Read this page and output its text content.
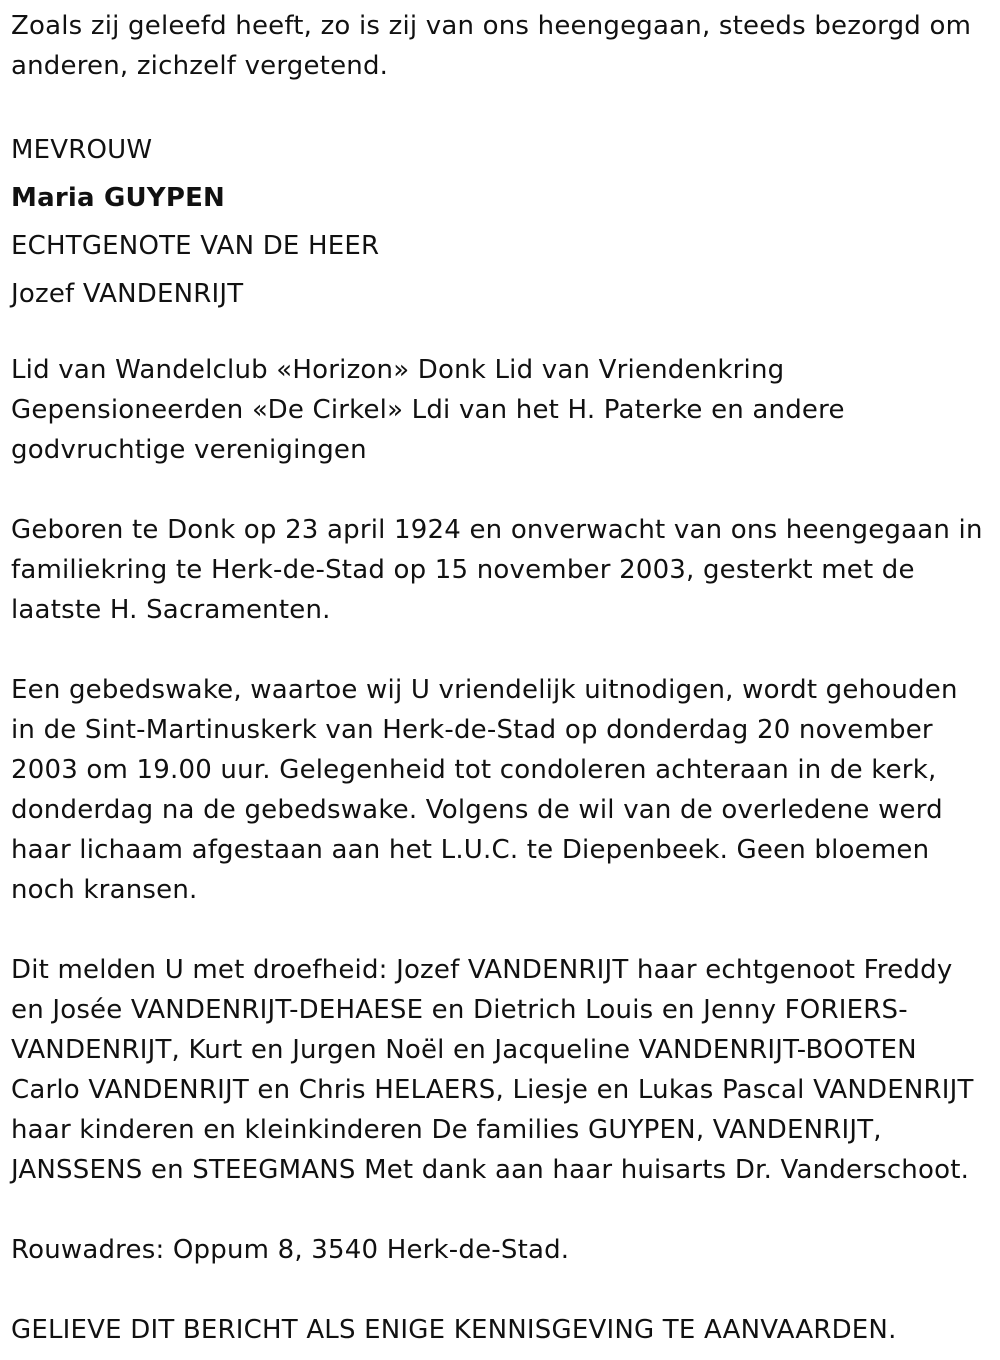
Zoals zij geleefd heeft, zo is zij van ons heengegaan, steeds bezorgd om anderen, zichzelf vergetend.

MEVROUW
Maria GUYPEN
ECHTGENOTE VAN DE HEER
Jozef VANDENRIJT

Lid van Wandelclub «Horizon» Donk Lid van Vriendenkring Gepensioneerden «De Cirkel» Ldi van het H. Paterke en andere godvruchtige verenigingen

Geboren te Donk op 23 april 1924 en onverwacht van ons heengegaan in familiekring te Herk-de-Stad op 15 november 2003, gesterkt met de laatste H. Sacramenten.

Een gebedswake, waartoe wij U vriendelijk uitnodigen, wordt gehouden in de Sint-Martinuskerk van Herk-de-Stad op donderdag 20 november 2003 om 19.00 uur. Gelegenheid tot condoleren achteraan in de kerk, donderdag na de gebedswake. Volgens de wil van de overledene werd haar lichaam afgestaan aan het L.U.C. te Diepenbeek. Geen bloemen noch kransen.

Dit melden U met droefheid: Jozef VANDENRIJT haar echtgenoot Freddy en Josée VANDENRIJT-DEHAESE en Dietrich Louis en Jenny FORIERS-VANDENRIJT, Kurt en Jurgen Noël en Jacqueline VANDENRIJT-BOOTEN Carlo VANDENRIJT en Chris HELAERS, Liesje en Lukas Pascal VANDENRIJT haar kinderen en kleinkinderen De families GUYPEN, VANDENRIJT, JANSSENS en STEEGMANS Met dank aan haar huisarts Dr. Vanderschoot.

Rouwadres: Oppum 8, 3540 Herk-de-Stad.

GELIEVE DIT BERICHT ALS ENIGE KENNISGEVING TE AANVAARDEN.
